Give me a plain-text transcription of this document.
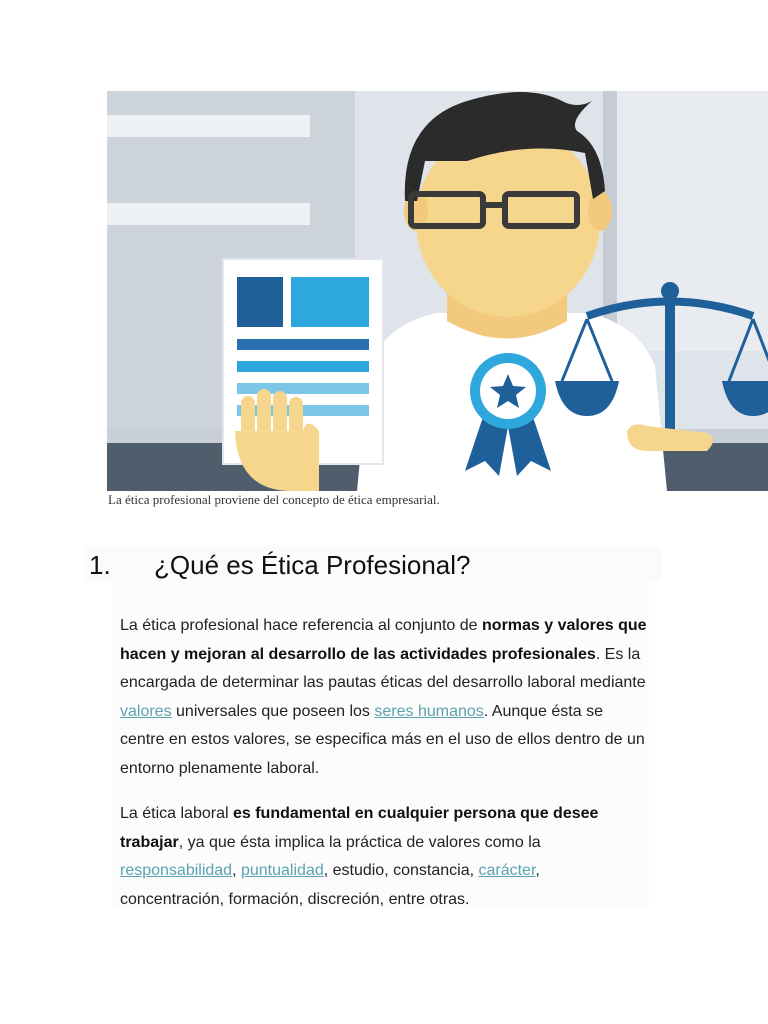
La ética profesional proviene del concepto de ética empresarial.
1. ¿Qué es Ética Profesional?
La ética profesional hace referencia al conjunto de normas y valores que hacen y mejoran al desarrollo de las actividades profesionales. Es la encargada de determinar las pautas éticas del desarrollo laboral mediante valores universales que poseen los seres humanos. Aunque ésta se centre en estos valores, se especifica más en el uso de ellos dentro de un entorno plenamente laboral.
La ética laboral es fundamental en cualquier persona que desee trabajar, ya que ésta implica la práctica de valores como la responsabilidad, puntualidad, estudio, constancia, carácter, concentración, formación, discreción, entre otras.
